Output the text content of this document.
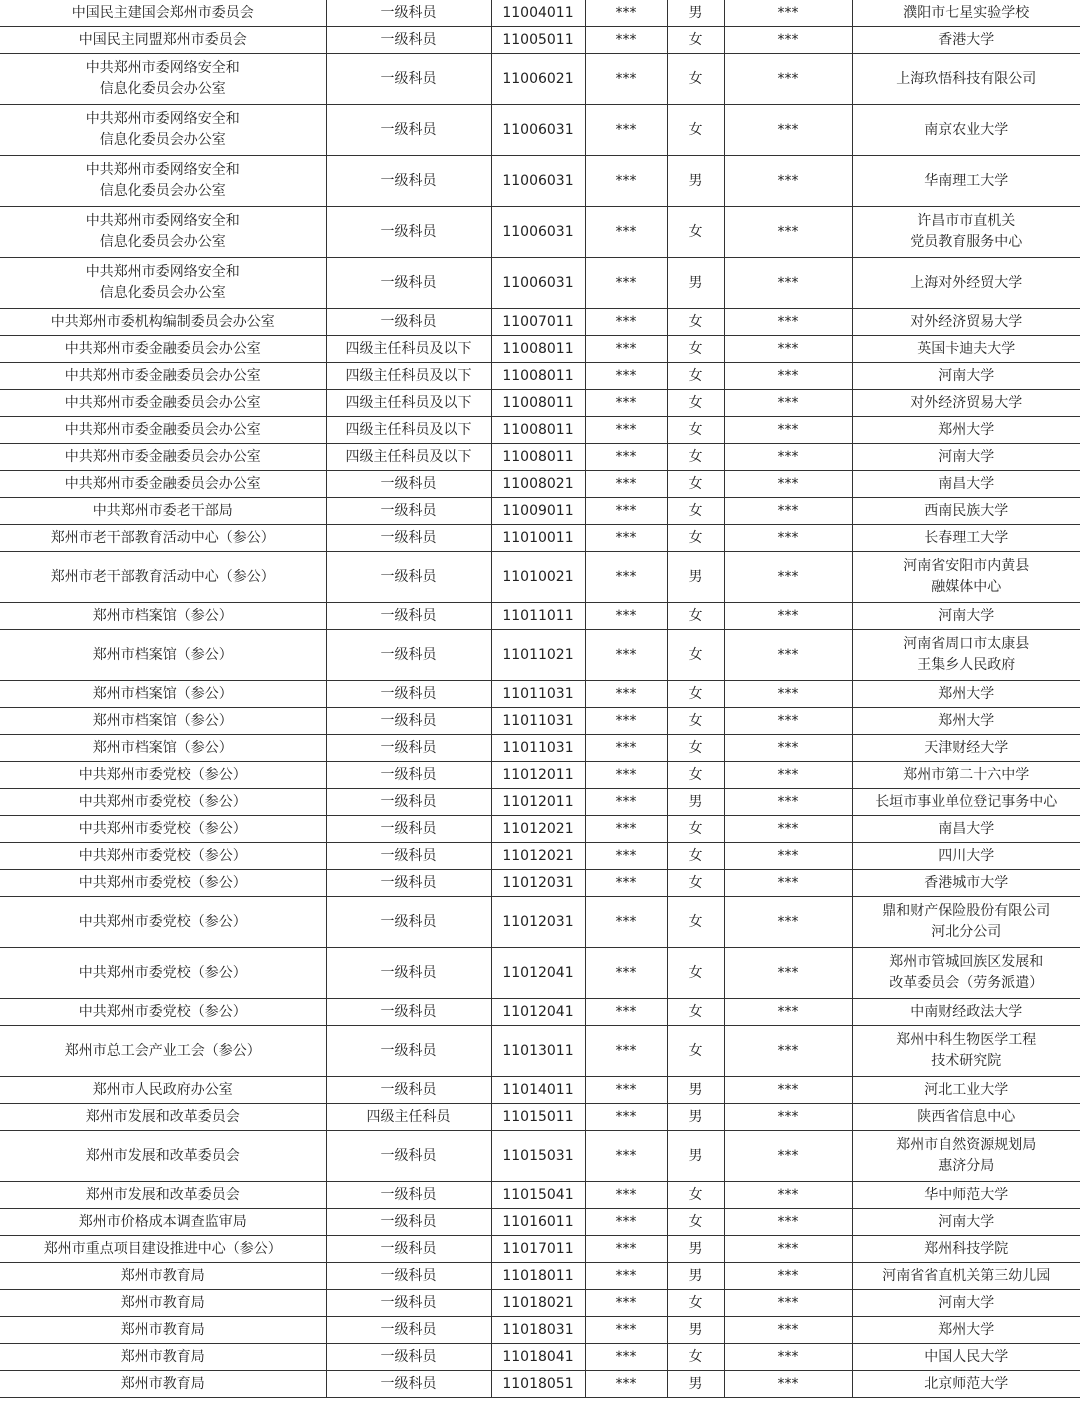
中国民主建国会郑州市委员会	一级科员	11004011	***	男	***	濮阳市七星实验学校
中国民主同盟郑州市委员会	一级科员	11005011	***	女	***	香港大学
中共郑州市委网络安全和
信息化委员会办公室	一级科员	11006021	***	女	***	上海玖悟科技有限公司
中共郑州市委网络安全和
信息化委员会办公室	一级科员	11006031	***	女	***	南京农业大学
中共郑州市委网络安全和
信息化委员会办公室	一级科员	11006031	***	男	***	华南理工大学
中共郑州市委网络安全和
信息化委员会办公室	一级科员	11006031	***	女	***	许昌市市直机关
党员教育服务中心
中共郑州市委网络安全和
信息化委员会办公室	一级科员	11006031	***	男	***	上海对外经贸大学
中共郑州市委机构编制委员会办公室	一级科员	11007011	***	女	***	对外经济贸易大学
中共郑州市委金融委员会办公室	四级主任科员及以下	11008011	***	女	***	英国卡迪夫大学
中共郑州市委金融委员会办公室	四级主任科员及以下	11008011	***	女	***	河南大学
中共郑州市委金融委员会办公室	四级主任科员及以下	11008011	***	女	***	对外经济贸易大学
中共郑州市委金融委员会办公室	四级主任科员及以下	11008011	***	女	***	郑州大学
中共郑州市委金融委员会办公室	四级主任科员及以下	11008011	***	女	***	河南大学
中共郑州市委金融委员会办公室	一级科员	11008021	***	女	***	南昌大学
中共郑州市委老干部局	一级科员	11009011	***	女	***	西南民族大学
郑州市老干部教育活动中心（参公）	一级科员	11010011	***	女	***	长春理工大学
郑州市老干部教育活动中心（参公）	一级科员	11010021	***	男	***	河南省安阳市内黄县
融媒体中心
郑州市档案馆（参公）	一级科员	11011011	***	女	***	河南大学
郑州市档案馆（参公）	一级科员	11011021	***	女	***	河南省周口市太康县
王集乡人民政府
郑州市档案馆（参公）	一级科员	11011031	***	女	***	郑州大学
郑州市档案馆（参公）	一级科员	11011031	***	女	***	郑州大学
郑州市档案馆（参公）	一级科员	11011031	***	女	***	天津财经大学
中共郑州市委党校（参公）	一级科员	11012011	***	女	***	郑州市第二十六中学
中共郑州市委党校（参公）	一级科员	11012011	***	男	***	长垣市事业单位登记事务中心
中共郑州市委党校（参公）	一级科员	11012021	***	女	***	南昌大学
中共郑州市委党校（参公）	一级科员	11012021	***	女	***	四川大学
中共郑州市委党校（参公）	一级科员	11012031	***	女	***	香港城市大学
中共郑州市委党校（参公）	一级科员	11012031	***	女	***	鼎和财产保险股份有限公司
河北分公司
中共郑州市委党校（参公）	一级科员	11012041	***	女	***	郑州市管城回族区发展和
改革委员会（劳务派遣）
中共郑州市委党校（参公）	一级科员	11012041	***	女	***	中南财经政法大学
郑州市总工会产业工会（参公）	一级科员	11013011	***	女	***	郑州中科生物医学工程
技术研究院
郑州市人民政府办公室	一级科员	11014011	***	男	***	河北工业大学
郑州市发展和改革委员会	四级主任科员	11015011	***	男	***	陕西省信息中心
郑州市发展和改革委员会	一级科员	11015031	***	男	***	郑州市自然资源规划局
惠济分局
郑州市发展和改革委员会	一级科员	11015041	***	女	***	华中师范大学
郑州市价格成本调查监审局	一级科员	11016011	***	女	***	河南大学
郑州市重点项目建设推进中心（参公）	一级科员	11017011	***	男	***	郑州科技学院
郑州市教育局	一级科员	11018011	***	男	***	河南省省直机关第三幼儿园
郑州市教育局	一级科员	11018021	***	女	***	河南大学
郑州市教育局	一级科员	11018031	***	男	***	郑州大学
郑州市教育局	一级科员	11018041	***	女	***	中国人民大学
郑州市教育局	一级科员	11018051	***	男	***	北京师范大学
